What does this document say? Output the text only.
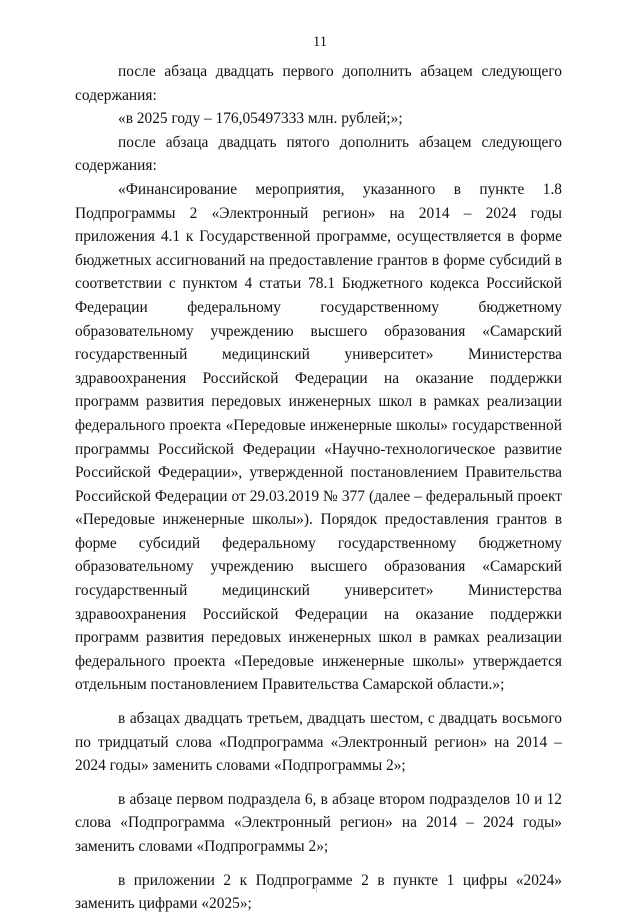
11

после абзаца двадцать первого дополнить абзацем следующего содержания:

«в 2025 году – 176,05497333 млн. рублей;»;

после абзаца двадцать пятого дополнить абзацем следующего содержания:

«Финансирование мероприятия, указанного в пункте 1.8 Подпрограммы 2 «Электронный регион» на 2014 – 2024 годы приложения 4.1 к Государственной программе, осуществляется в форме бюджетных ассигнований на предоставление грантов в форме субсидий в соответствии с пунктом 4 статьи 78.1 Бюджетного кодекса Российской Федерации федеральному государственному бюджетному образовательному учреждению высшего образования «Самарский государственный медицинский университет» Министерства здравоохранения Российской Федерации на оказание поддержки программ развития передовых инженерных школ в рамках реализации федерального проекта «Передовые инженерные школы» государственной программы Российской Федерации «Научно-технологическое развитие Российской Федерации», утвержденной постановлением Правительства Российской Федерации от 29.03.2019 № 377 (далее – федеральный проект «Передовые инженерные школы»). Порядок предоставления грантов в форме субсидий федеральному государственному бюджетному образовательному учреждению высшего образования «Самарский государственный медицинский университет» Министерства здравоохранения Российской Федерации на оказание поддержки программ развития передовых инженерных школ в рамках реализации федерального проекта «Передовые инженерные школы» утверждается отдельным постановлением Правительства Самарской области.»;

в абзацах двадцать третьем, двадцать шестом, с двадцать восьмого по тридцатый слова «Подпрограмма «Электронный регион» на 2014 – 2024 годы» заменить словами «Подпрограммы 2»;

в абзаце первом подраздела 6, в абзаце втором подразделов 10 и 12 слова «Подпрограмма «Электронный регион» на 2014 – 2024 годы» заменить словами «Подпрограммы 2»;

в приложении 2 к Подпрограмме 2 в пункте 1 цифры «2024» заменить цифрами «2025»;
